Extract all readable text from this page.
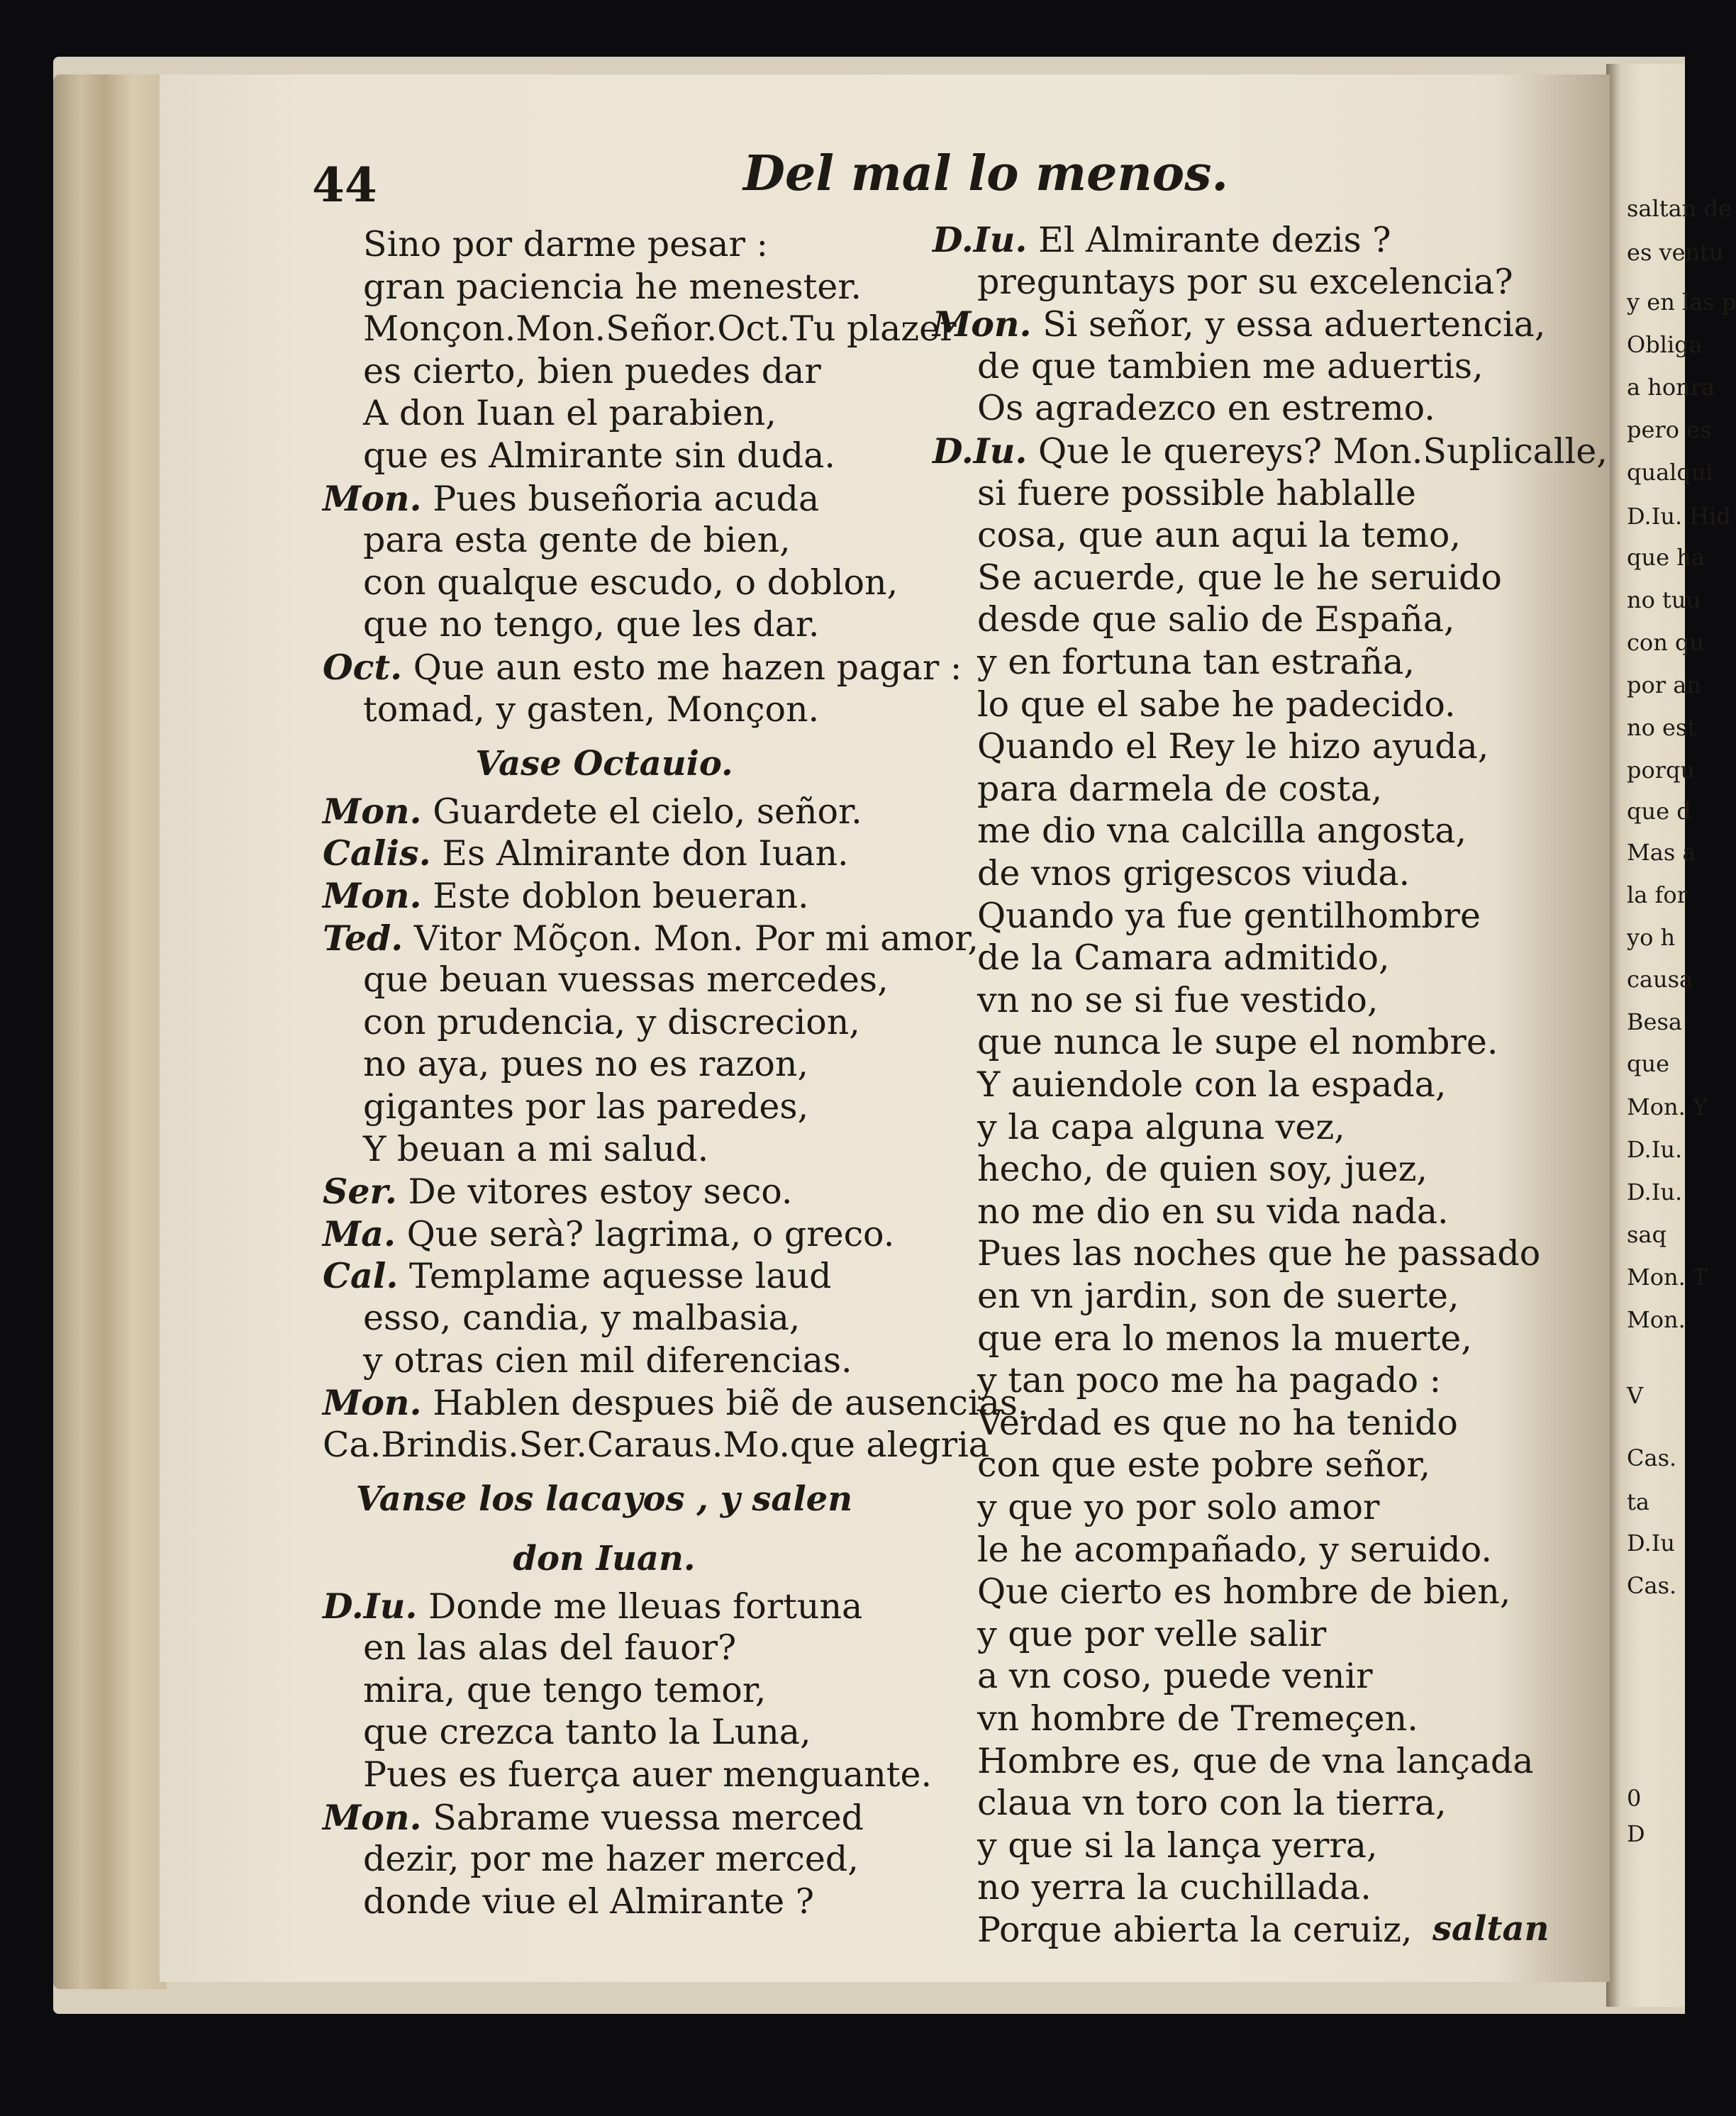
44	Del mal lo menos.
Sino por darme pesar :
gran paciencia he menester.
Monçon.Mon.Señor.Oct.Tu plazer
es cierto, bien puedes dar
A don Iuan el parabien,
que es Almirante sin duda.
Mon. Pues buseñoria acuda
para esta gente de bien,
con qualque escudo, o doblon,
que no tengo, que les dar.
Oct. Que aun esto me hazen pagar :
tomad, y gasten, Monçon.
Vase Octauio.
Mon. Guardete el cielo, señor.
Calis. Es Almirante don Iuan.
Mon. Este doblon beueran.
Ted. Vitor Mõçon. Mon. Por mi amor,
que beuan vuessas mercedes,
con prudencia, y discrecion,
no aya, pues no es razon,
gigantes por las paredes,
Y beuan a mi salud.
Ser. De vitores estoy seco.
Ma. Que serà? lagrima, o greco.
Cal. Templame aquesse laud
esso, candia, y malbasia,
y otras cien mil diferencias.
Mon. Hablen despues biẽ de ausencias.
Ca.Brindis.Ser.Caraus.Mo.que alegria
Vanse los lacayos , y salen
don Iuan.
D.Iu. Donde me lleuas fortuna
en las alas del fauor?
mira, que tengo temor,
que crezca tanto la Luna,
Pues es fuerça auer menguante.
Mon. Sabrame vuessa merced
dezir, por me hazer merced,
donde viue el Almirante ?
D.Iu. El Almirante dezis ?
preguntays por su excelencia?
Mon. Si señor, y essa aduertencia,
de que tambien me aduertis,
Os agradezco en estremo.
D.Iu. Que le quereys? Mon.Suplicalle,
si fuere possible hablalle
cosa, que aun aqui la temo,
Se acuerde, que le he seruido
desde que salio de España,
y en fortuna tan estraña,
lo que el sabe he padecido.
Quando el Rey le hizo ayuda,
para darmela de costa,
me dio vna calcilla angosta,
de vnos grigescos viuda.
Quando ya fue gentilhombre
de la Camara admitido,
vn no se si fue vestido,
que nunca le supe el nombre.
Y auiendole con la espada,
y la capa alguna vez,
hecho, de quien soy, juez,
no me dio en su vida nada.
Pues las noches que he passado
en vn jardin, son de suerte,
que era lo menos la muerte,
y tan poco me ha pagado :
Verdad es que no ha tenido
con que este pobre señor,
y que yo por solo amor
le he acompañado, y seruido.
Que cierto es hombre de bien,
y que por velle salir
a vn coso, puede venir
vn hombre de Tremeçen.
Hombre es, que de vna lançada
claua vn toro con la tierra,
y que si la lança yerra,
no yerra la cuchillada.
Porque abierta la ceruiz,
saltan de
es ventu
y en las p
Obliga
a honra
pero es
qualqui
D.Iu. Hid
que ha
no tuu
con qu
por an
no est
porqu
que d
Mas a
la for
yo h
causa
Besa
que
Mon. Y
D.Iu.
D.Iu.
saq
Mon. T
Mon.
V
Cas.
ta
D.Iu
Cas.
0
D
saltan
